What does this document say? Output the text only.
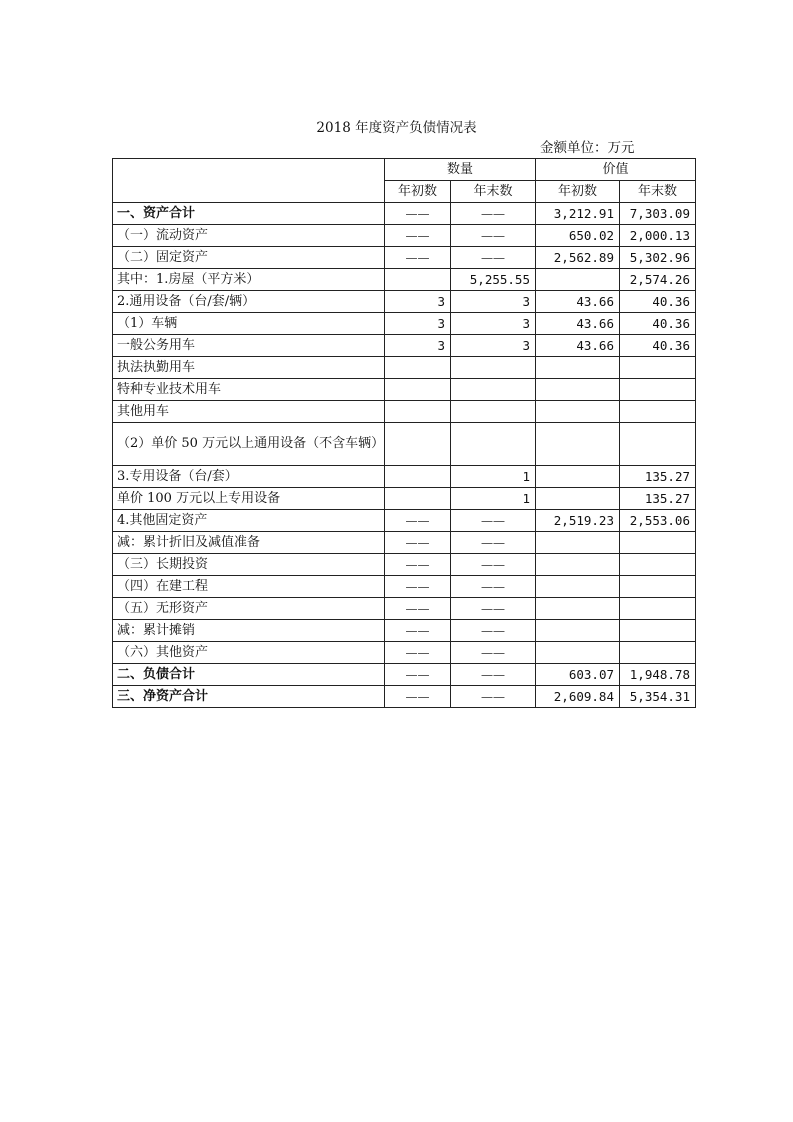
2018 年度资产负债情况表
金额单位：万元
	数量		价值	
	年初数	年末数	年初数	年末数
一、资产合计	——	——	3,212.91	7,303.09
（一）流动资产	——	——	650.02	2,000.13
（二）固定资产	——	——	2,562.89	5,302.96
其中：1.房屋（平方米）		5,255.55		2,574.26
2.通用设备（台/套/辆）	3	3	43.66	40.36
（1）车辆	3	3	43.66	40.36
一般公务用车	3	3	43.66	40.36
执法执勤用车				
特种专业技术用车				
其他用车				
（2）单价 50 万元以上通用设备（不含车辆）				
3.专用设备（台/套）		1		135.27
单价 100 万元以上专用设备		1		135.27
4.其他固定资产	——	——	2,519.23	2,553.06
减：累计折旧及减值准备	——	——		
（三）长期投资	——	——		
（四）在建工程	——	——		
（五）无形资产	——	——		
减：累计摊销	——	——		
（六）其他资产	——	——		
二、负债合计	——	——	603.07	1,948.78
三、净资产合计	——	——	2,609.84	5,354.31
